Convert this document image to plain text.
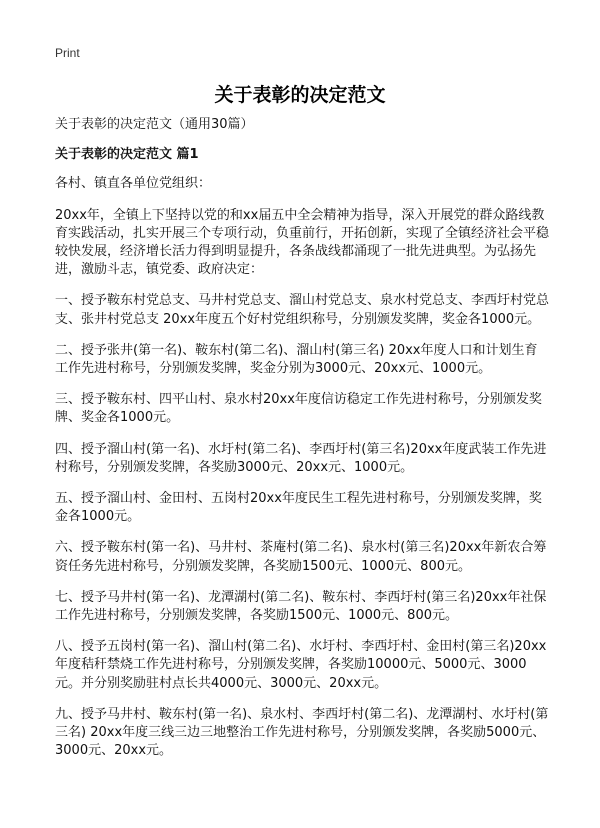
Print
关于表彰的决定范文

关于表彰的决定范文（通用30篇）

关于表彰的决定范文 篇1

各村、镇直各单位党组织：

20xx年，全镇上下坚持以党的和xx届五中全会精神为指导，深入开展党的群众路线教育实践活动，扎实开展三个专项行动，负重前行，开拓创新，实现了全镇经济社会平稳较快发展，经济增长活力得到明显提升，各条战线都涌现了一批先进典型。为弘扬先进，激励斗志，镇党委、政府决定：

一、授予鞍东村党总支、马井村党总支、溜山村党总支、泉水村党总支、李西圩村党总支、张井村党总支 20xx年度五个好村党组织称号，分别颁发奖牌，奖金各1000元。

二、授予张井(第一名)、鞍东村(第二名)、溜山村(第三名) 20xx年度人口和计划生育工作先进村称号，分别颁发奖牌，奖金分别为3000元、20xx元、1000元。

三、授予鞍东村、四平山村、泉水村20xx年度信访稳定工作先进村称号，分别颁发奖牌、奖金各1000元。

四、授予溜山村(第一名)、水圩村(第二名)、李西圩村(第三名)20xx年度武装工作先进村称号，分别颁发奖牌，各奖励3000元、20xx元、1000元。

五、授予溜山村、金田村、五岗村20xx年度民生工程先进村称号，分别颁发奖牌，奖金各1000元。

六、授予鞍东村(第一名)、马井村、茶庵村(第二名)、泉水村(第三名)20xx年新农合筹资任务先进村称号，分别颁发奖牌，各奖励1500元、1000元、800元。

七、授予马井村(第一名)、龙潭湖村(第二名)、鞍东村、李西圩村(第三名)20xx年社保工作先进村称号，分别颁发奖牌，各奖励1500元、1000元、800元。

八、授予五岗村(第一名)、溜山村(第二名)、水圩村、李西圩村、金田村(第三名)20xx年度秸秆禁烧工作先进村称号，分别颁发奖牌，各奖励10000元、5000元、3000元。并分别奖励驻村点长共4000元、3000元、20xx元。

九、授予马井村、鞍东村(第一名)、泉水村、李西圩村(第二名)、龙潭湖村、水圩村(第三名) 20xx年度三线三边三地整治工作先进村称号，分别颁发奖牌，各奖励5000元、3000元、20xx元。
